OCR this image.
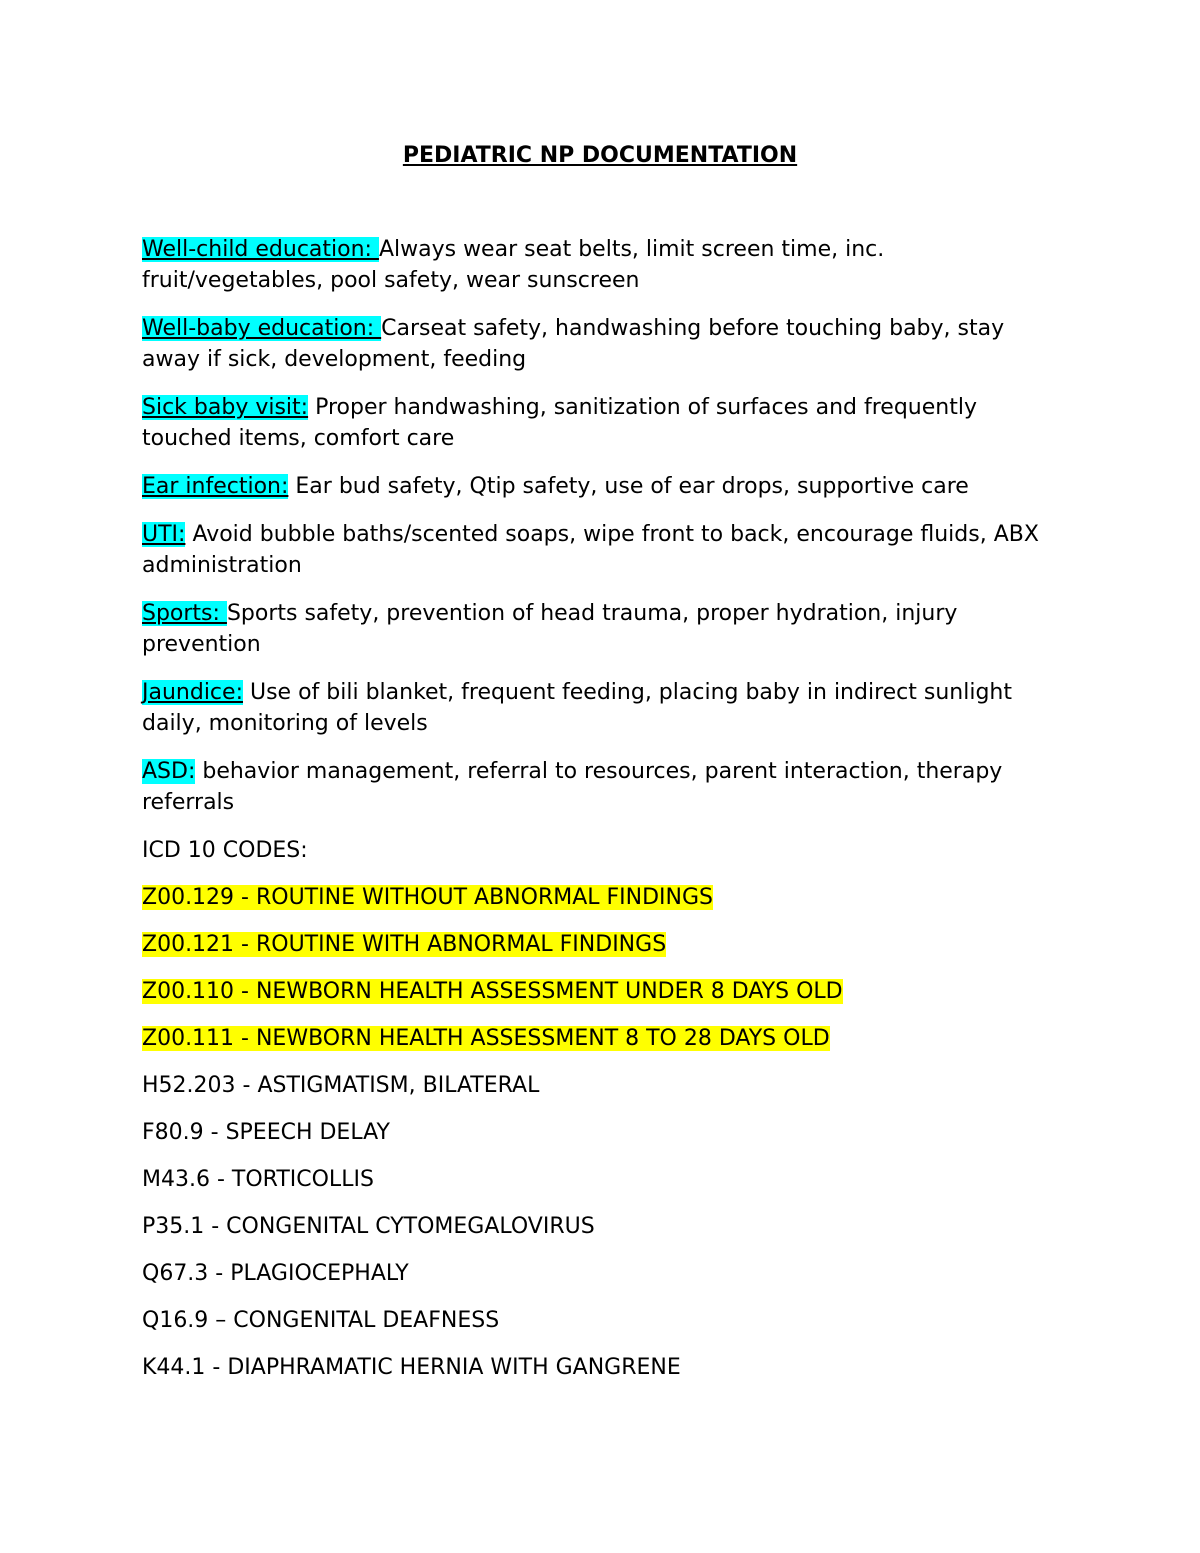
PEDIATRIC NP DOCUMENTATION

Well-child education: Always wear seat belts, limit screen time, inc. fruit/vegetables, pool safety, wear sunscreen

Well-baby education: Carseat safety, handwashing before touching baby, stay away if sick, development, feeding

Sick baby visit: Proper handwashing, sanitization of surfaces and frequently touched items, comfort care

Ear infection: Ear bud safety, Qtip safety, use of ear drops, supportive care

UTI: Avoid bubble baths/scented soaps, wipe front to back, encourage fluids, ABX administration

Sports: Sports safety, prevention of head trauma, proper hydration, injury prevention

Jaundice: Use of bili blanket, frequent feeding, placing baby in indirect sunlight daily, monitoring of levels

ASD: behavior management, referral to resources, parent interaction, therapy referrals

ICD 10 CODES:

Z00.129 - ROUTINE WITHOUT ABNORMAL FINDINGS

Z00.121 - ROUTINE WITH ABNORMAL FINDINGS

Z00.110 - NEWBORN HEALTH ASSESSMENT UNDER 8 DAYS OLD

Z00.111 - NEWBORN HEALTH ASSESSMENT 8 TO 28 DAYS OLD

H52.203 - ASTIGMATISM, BILATERAL

F80.9 - SPEECH DELAY

M43.6 - TORTICOLLIS

P35.1 - CONGENITAL CYTOMEGALOVIRUS

Q67.3 - PLAGIOCEPHALY

Q16.9 – CONGENITAL DEAFNESS

K44.1 - DIAPHRAMATIC HERNIA WITH GANGRENE
